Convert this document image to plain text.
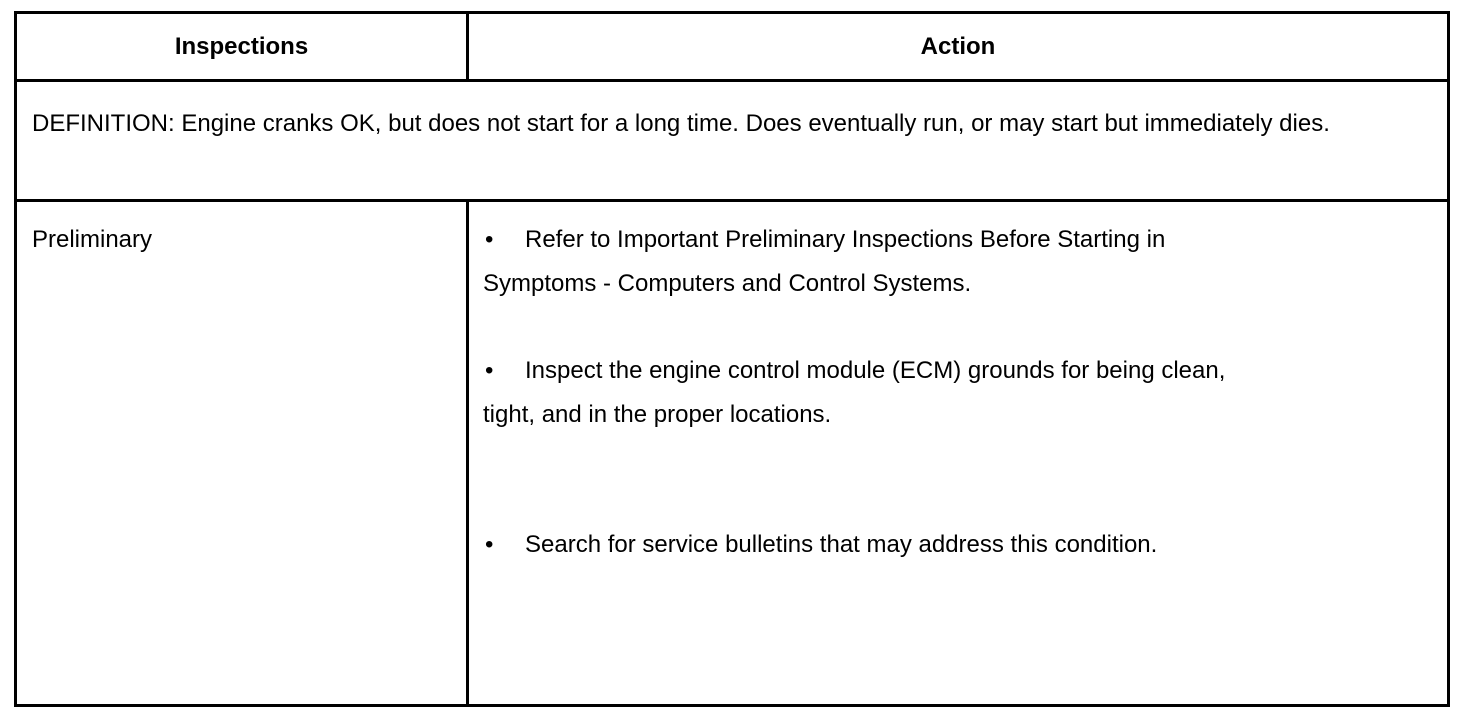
Inspections	Action
DEFINITION: Engine cranks OK, but does not start for a long time. Does eventually run, or may start but immediately dies.
Preliminary	• Refer to Important Preliminary Inspections Before Starting in Symptoms - Computers and Control Systems.
• Inspect the engine control module (ECM) grounds for being clean, tight, and in the proper locations.
• Search for service bulletins that may address this condition.
